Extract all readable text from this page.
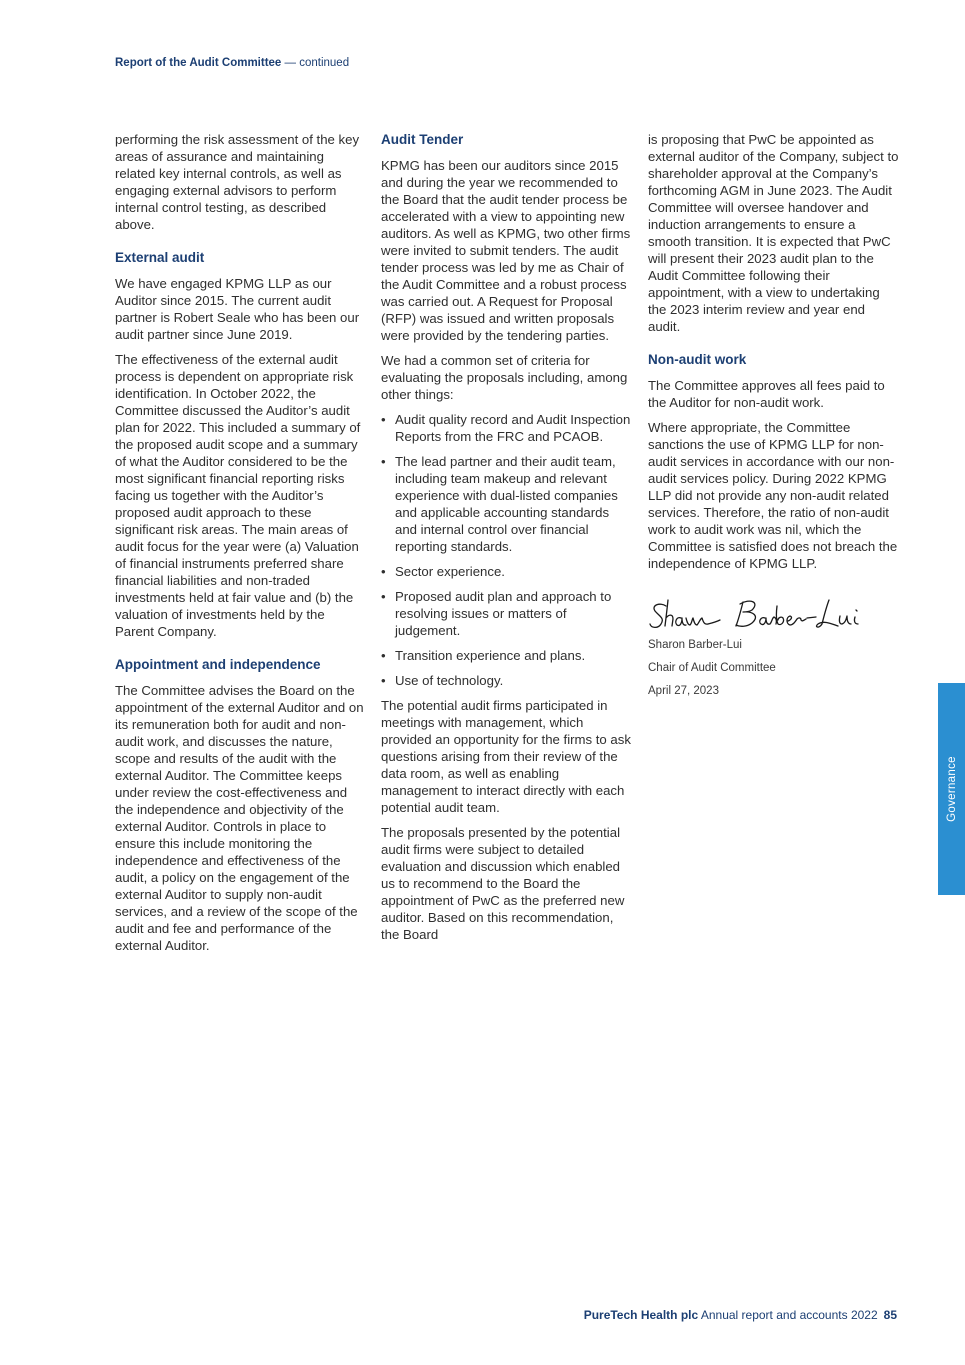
Report of the Audit Committee — continued

performing the risk assessment of the key areas of assurance and maintaining related key internal controls, as well as engaging external advisors to perform internal control testing, as described above.

External audit

We have engaged KPMG LLP as our Auditor since 2015. The current audit partner is Robert Seale who has been our audit partner since June 2019.

The effectiveness of the external audit process is dependent on appropriate risk identification. In October 2022, the Committee discussed the Auditor’s audit plan for 2022. This included a summary of the proposed audit scope and a summary of what the Auditor considered to be the most significant financial reporting risks facing us together with the Auditor’s proposed audit approach to these significant risk areas. The main areas of audit focus for the year were (a) Valuation of financial instruments preferred share financial liabilities and non-traded investments held at fair value and (b) the valuation of investments held by the Parent Company.

Appointment and independence

The Committee advises the Board on the appointment of the external Auditor and on its remuneration both for audit and non-audit work, and discusses the nature, scope and results of the audit with the external Auditor. The Committee keeps under review the cost-effectiveness and the independence and objectivity of the external Auditor. Controls in place to ensure this include monitoring the independence and effectiveness of the audit, a policy on the engagement of the external Auditor to supply non-audit services, and a review of the scope of the audit and fee and performance of the external Auditor.

Audit Tender

KPMG has been our auditors since 2015 and during the year we recommended to the Board that the audit tender process be accelerated with a view to appointing new auditors. As well as KPMG, two other firms were invited to submit tenders. The audit tender process was led by me as Chair of the Audit Committee and a robust process was carried out. A Request for Proposal (RFP) was issued and written proposals were provided by the tendering parties.

We had a common set of criteria for evaluating the proposals including, among other things:

• Audit quality record and Audit Inspection Reports from the FRC and PCAOB.
• The lead partner and their audit team, including team makeup and relevant experience with dual-listed companies and applicable accounting standards and internal control over financial reporting standards.
• Sector experience.
• Proposed audit plan and approach to resolving issues or matters of judgement.
• Transition experience and plans.
• Use of technology.

The potential audit firms participated in meetings with management, which provided an opportunity for the firms to ask questions arising from their review of the data room, as well as enabling management to interact directly with each potential audit team.

The proposals presented by the potential audit firms were subject to detailed evaluation and discussion which enabled us to recommend to the Board the appointment of PwC as the preferred new auditor. Based on this recommendation, the Board

is proposing that PwC be appointed as external auditor of the Company, subject to shareholder approval at the Company’s forthcoming AGM in June 2023. The Audit Committee will oversee handover and induction arrangements to ensure a smooth transition. It is expected that PwC will present their 2023 audit plan to the Audit Committee following their appointment, with a view to undertaking the 2023 interim review and year end audit.

Non-audit work

The Committee approves all fees paid to the Auditor for non-audit work.

Where appropriate, the Committee sanctions the use of KPMG LLP for non-audit services in accordance with our non-audit services policy. During 2022 KPMG LLP did not provide any non-audit related services. Therefore, the ratio of non-audit work to audit work was nil, which the Committee is satisfied does not breach the independence of KPMG LLP.

Sharon Barber-Lui

Chair of Audit Committee

April 27, 2023

Governance
PureTech Health plc Annual report and accounts 2022 85
